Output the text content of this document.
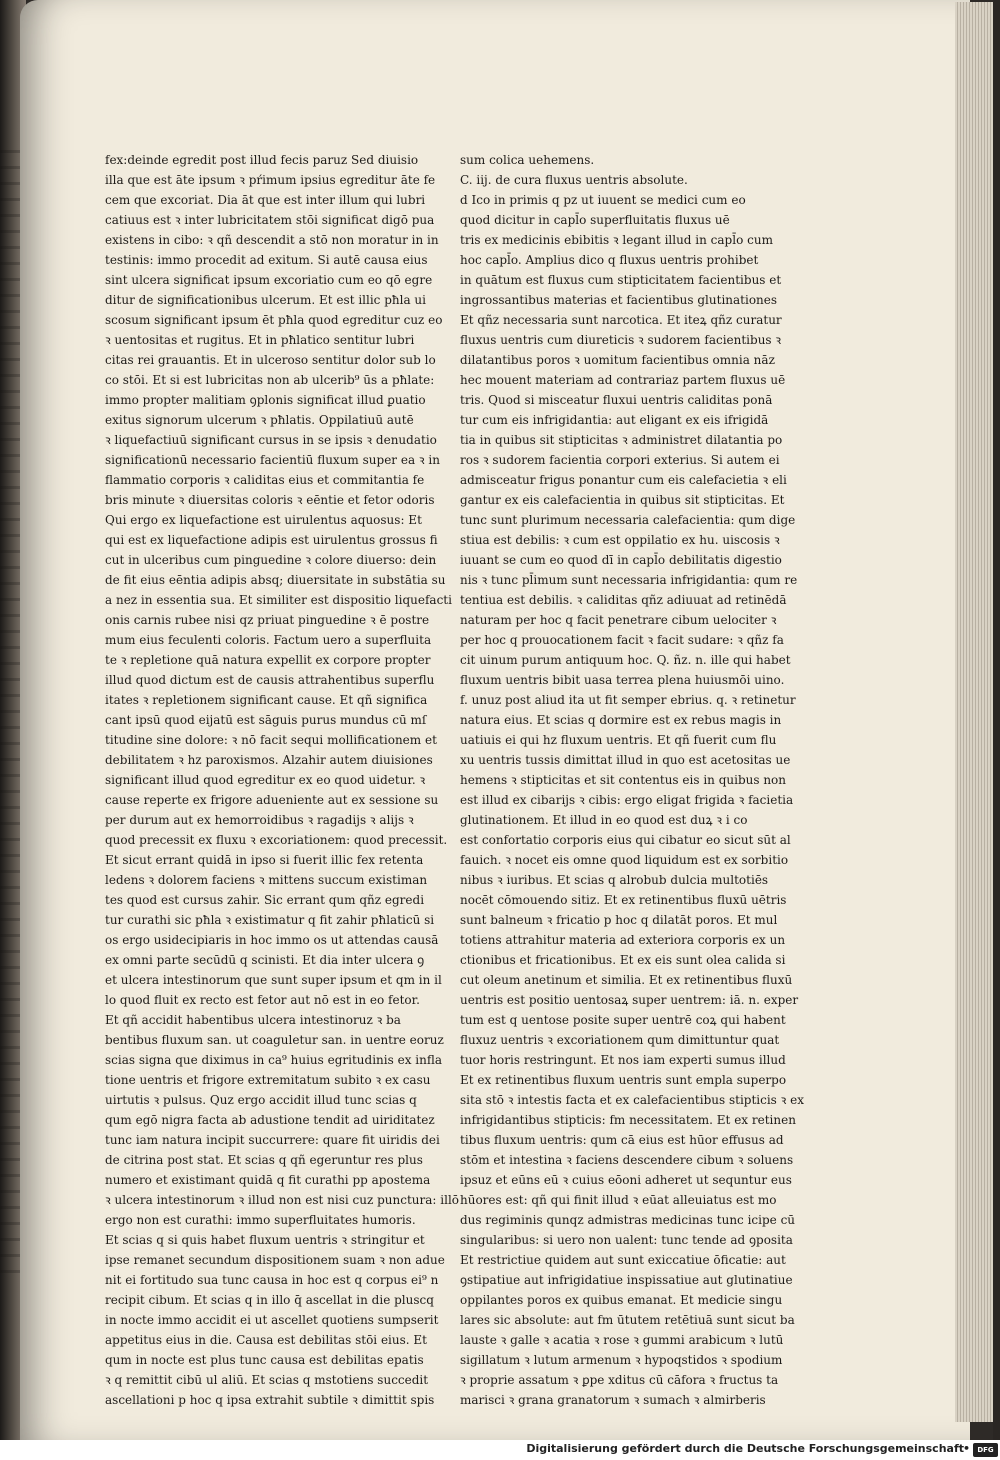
fex:deinde egredit post illud fecis paruz Sed diuisio
illa que est āte ipsum ꝛ pŕimum ipsius egreditur āte fe
cem que excoriat. Dia āt que est inter illum qui lubri
catiuus est ꝛ inter lubricitatem stōi significat digō pua
existens in cibo: ꝛ qñ descendit a stō non moratur in in
testinis: immo procedit ad exitum. Si autē causa eius
sint ulcera significat ipsum excoriatio cum eo qō egre
ditur de significationibus ulcerum. Et est illic pħla ui
scosum significant ipsum ēt pħla quod egreditur cuz eo
ꝛ uentositas et rugitus. Et in pħlatico sentitur lubri
citas rei grauantis. Et in ulceroso sentitur dolor sub lo
co stōi. Et si est lubricitas non ab ulcerib⁹ ūs a pħlate:
immo propter malitiam ꝯplonis significat illud ꝑuatio
exitus signorum ulcerum ꝛ pħlatis. Oppilatiuū autē
ꝛ liquefactiuū significant cursus in se ipsis ꝛ denudatio
significationū necessario facientiū fluxum super ea ꝛ in
flammatio corporis ꝛ caliditas eius et commitantia fe
bris minute ꝛ diuersitas coloris ꝛ eēntie et fetor odoris
Qui ergo ex liquefactione est uirulentus aquosus: Et
qui est ex liquefactione adipis est uirulentus grossus fi
cut in ulceribus cum pinguedine ꝛ colore diuerso: dein
de fit eius eēntia adipis absq; diuersitate in substātia su
a nez in essentia sua. Et similiter est dispositio liquefacti
onis carnis rubee nisi qz priuat pinguedine ꝛ ē postre
mum eius feculenti coloris. Factum uero a superfluita
te ꝛ repletione quā natura expellit ex corpore propter
illud quod dictum est de causis attrahentibus superflu
itates ꝛ repletionem significant cause. Et qñ significa
cant ipsū quod eijatū est sāguis purus mundus cū mſ
titudine sine dolore: ꝛ nō facit sequi mollificationem et
debilitatem ꝛ hz paroxismos. Alzahir autem diuisiones
significant illud quod egreditur ex eo quod uidetur. ꝛ
cause reperte ex frigore adueniente aut ex sessione su
per durum aut ex hemorroidibus ꝛ ragadijs ꝛ alijs ꝛ
quod precessit ex fluxu ꝛ excoriationem: quod precessit.
Et sicut errant quidā in ipso si fuerit illic fex retenta
ledens ꝛ dolorem faciens ꝛ mittens succum existiman
tes quod est cursus zahir. Sic errant qum qñz egredi
tur curathi sic pħla ꝛ existimatur q fit zahir pħlaticū si
os ergo usidecipiaris in hoc immo os ut attendas causā
ex omni parte secūdū q scinisti. Et dia inter ulcera ꝯ
et ulcera intestinorum que sunt super ipsum et qm in il
lo quod fluit ex recto est fetor aut nō est in eo fetor.
Et qñ accidit habentibus ulcera intestinoruz ꝛ ba
bentibus fluxum san. ut coaguletur san. in uentre eoruz
scias signa que diximus in ca⁹ huius egritudinis ex infla
tione uentris et frigore extremitatum subito ꝛ ex casu
uirtutis ꝛ pulsus. Quz ergo accidit illud tunc scias q
qum egō nigra facta ab adustione tendit ad uiriditatez
tunc iam natura incipit succurrere: quare fit uiridis dei
de citrina post stat. Et scias q qñ egeruntur res plus
numero et existimant quidā q fit curathi pp apostema
ꝛ ulcera intestinorum ꝛ illud non est nisi cuz punctura: illō
ergo non est curathi: immo superfluitates humoris.
Et scias q si quis habet fluxum uentris ꝛ stringitur et
ipse remanet secundum dispositionem suam ꝛ non adue
nit ei fortitudo sua tunc causa in hoc est q corpus ei⁹ n
recipit cibum. Et scias q in illo q̄ ascellat in die pluscq
in nocte immo accidit ei ut ascellet quotiens sumpserit
appetitus eius in die. Causa est debilitas stōi eius. Et
qum in nocte est plus tunc causa est debilitas epatis
ꝛ q remittit cibū ul aliū. Et scias q mstotiens succedit
ascellationi p hoc q ipsa extrahit subtile ꝛ dimittit spis
sum colica uehemens.
C. iij. de cura fluxus uentris absolute.
d Ico in primis q pz ut iuuent se medici cum eo
quod dicitur in capl̄o superfluitatis fluxus uē
tris ex medicinis ebibitis ꝛ legant illud in capl̄o cum
hoc capl̄o. Amplius dico q fluxus uentris prohibet
in quātum est fluxus cum stipticitatem facientibus et
ingrossantibus materias et facientibus glutinationes
Et qñz necessaria sunt narcotica. Et iteꝝ qñz curatur
fluxus uentris cum diureticis ꝛ sudorem facientibus ꝛ
dilatantibus poros ꝛ uomitum facientibus omnia nāz
hec mouent materiam ad contrariaz partem fluxus uē
tris. Quod si misceatur fluxui uentris caliditas ponā
tur cum eis infrigidantia: aut eligant ex eis ifrigidā
tia in quibus sit stipticitas ꝛ administret dilatantia po
ros ꝛ sudorem facientia corpori exterius. Si autem ei
admisceatur frigus ponantur cum eis calefacietia ꝛ eli
gantur ex eis calefacientia in quibus sit stipticitas. Et
tunc sunt plurimum necessaria calefacientia: qum dige
stiua est debilis: ꝛ cum est oppilatio ex hu. uiscosis ꝛ
iuuant se cum eo quod dī in capl̄o debilitatis digestio
nis ꝛ tunc pl̄imum sunt necessaria infrigidantia: qum re
tentiua est debilis. ꝛ caliditas qñz adiuuat ad retinēdā
naturam per hoc q facit penetrare cibum uelociter ꝛ
per hoc q prouocationem facit ꝛ facit sudare: ꝛ qñz fa
cit uinum purum antiquum hoc. Q. ñz. n. ille qui habet
fluxum uentris bibit uasa terrea plena huiusmōi uino.
f. unuz post aliud ita ut fit semper ebrius. q. ꝛ retinetur
natura eius. Et scias q dormire est ex rebus magis in
uatiuis ei qui hz fluxum uentris. Et qñ fuerit cum flu
xu uentris tussis dimittat illud in quo est acetositas ue
hemens ꝛ stipticitas et sit contentus eis in quibus non
est illud ex cibarijs ꝛ cibis: ergo eligat frigida ꝛ facietia
glutinationem. Et illud in eo quod est duꝝ ꝛ i co
est confortatio corporis eius qui cibatur eo sicut sūt al
fauich. ꝛ nocet eis omne quod liquidum est ex sorbitio
nibus ꝛ iuribus. Et scias q alrobub dulcia multotiēs
nocēt cōmouendo sitiz. Et ex retinentibus fluxū uētris
sunt balneum ꝛ fricatio p hoc q dilatāt poros. Et mul
totiens attrahitur materia ad exteriora corporis ex un
ctionibus et fricationibus. Et ex eis sunt olea calida si
cut oleum anetinum et similia. Et ex retinentibus fluxū
uentris est positio uentosaꝝ super uentrem: iā. n. exper
tum est q uentose posite super uentrē coꝝ qui habent
fluxuz uentris ꝛ excoriationem qum dimittuntur quat
tuor horis restringunt. Et nos iam experti sumus illud
Et ex retinentibus fluxum uentris sunt empla superpo
sita stō ꝛ intestis facta et ex calefacientibus stipticis ꝛ ex
infrigidantibus stipticis: fm necessitatem. Et ex retinen
tibus fluxum uentris: qum cā eius est hūor effusus ad
stōm et intestina ꝛ faciens descendere cibum ꝛ soluens
ipsuz et eūns eū ꝛ cuius eōoni adheret ut sequntur eus
hūores est: qñ qui finit illud ꝛ eūat alleuiatus est mo
dus regiminis qunqz admistras medicinas tunc icipe cū
singularibus: si uero non ualent: tunc tende ad ꝯposita
Et restrictiue quidem aut sunt exiccatiue ōficatie: aut
ꝯstipatiue aut infrigidatiue inspissatiue aut glutinatiue
oppilantes poros ex quibus emanat. Et medicie singu
lares sic absolute: aut fm ūtutem retētiuā sunt sicut ba
lauste ꝛ galle ꝛ acatia ꝛ rose ꝛ gummi arabicum ꝛ lutū
sigillatum ꝛ lutum armenum ꝛ hypoqstidos ꝛ spodium
ꝛ proprie assatum ꝛ ꝑpe xditus cū cāfora ꝛ fructus ta
marisci ꝛ grana granatorum ꝛ sumach ꝛ almirberis
Digitalisierung gefördert durch die Deutsche Forschungsgemeinschaft
•	DFG
